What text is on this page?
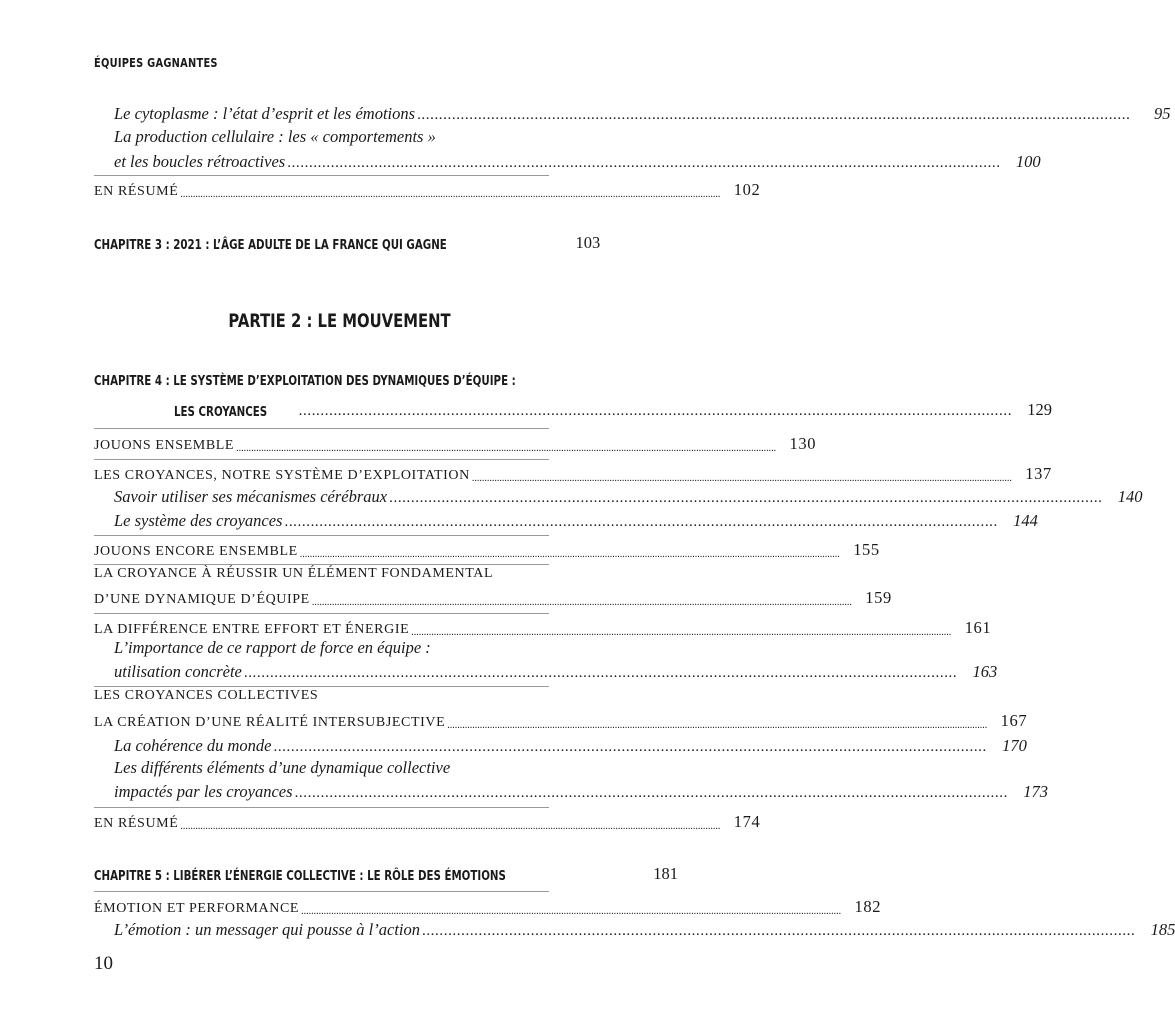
ÉQUIPES GAGNANTES
Le cytoplasme : l’état d’esprit et les émotions ....................................................................................................................................................................	95
La production cellulaire : les « comportements »
et les boucles rétroactives .................................................................................................................................................................... 100
EN RÉSUMÉ ........................................................................................................................................................................................................................ 102
CHAPITRE 3 : 2021 : L’ÂGE ADULTE DE LA FRANCE QUI GAGNE	103
PARTIE 2 : LE MOUVEMENT
CHAPITRE 4 : LE SYSTÈME D’EXPLOITATION DES DYNAMIQUES D’ÉQUIPE :
LES CROYANCES .................................................................................................................................................................... 129
JOUONS ENSEMBLE ........................................................................................................................................................................................................................ 130
LES CROYANCES, NOTRE SYSTÈME D’EXPLOITATION ........................................................................................................................................................................................................................ 137
Savoir utiliser ses mécanismes cérébraux .................................................................................................................................................................... 140
Le système des croyances .................................................................................................................................................................... 144
JOUONS ENCORE ENSEMBLE ........................................................................................................................................................................................................................ 155
LA CROYANCE À RÉUSSIR UN ÉLÉMENT FONDAMENTAL
D’UNE DYNAMIQUE D’ÉQUIPE ........................................................................................................................................................................................................................ 159
LA DIFFÉRENCE ENTRE EFFORT ET ÉNERGIE ........................................................................................................................................................................................................................ 161
L’importance de ce rapport de force en équipe :
utilisation concrète .................................................................................................................................................................... 163
LES CROYANCES COLLECTIVES
LA CRÉATION D’UNE RÉALITÉ INTERSUBJECTIVE ........................................................................................................................................................................................................................ 167
La cohérence du monde .................................................................................................................................................................... 170
Les différents éléments d’une dynamique collective
impactés par les croyances .................................................................................................................................................................... 173
EN RÉSUMÉ ........................................................................................................................................................................................................................ 174
CHAPITRE 5 : LIBÉRER L’ÉNERGIE COLLECTIVE : LE RÔLE DES ÉMOTIONS	181
ÉMOTION ET PERFORMANCE ........................................................................................................................................................................................................................ 182
L’émotion : un messager qui pousse à l’action .................................................................................................................................................................... 185
10
